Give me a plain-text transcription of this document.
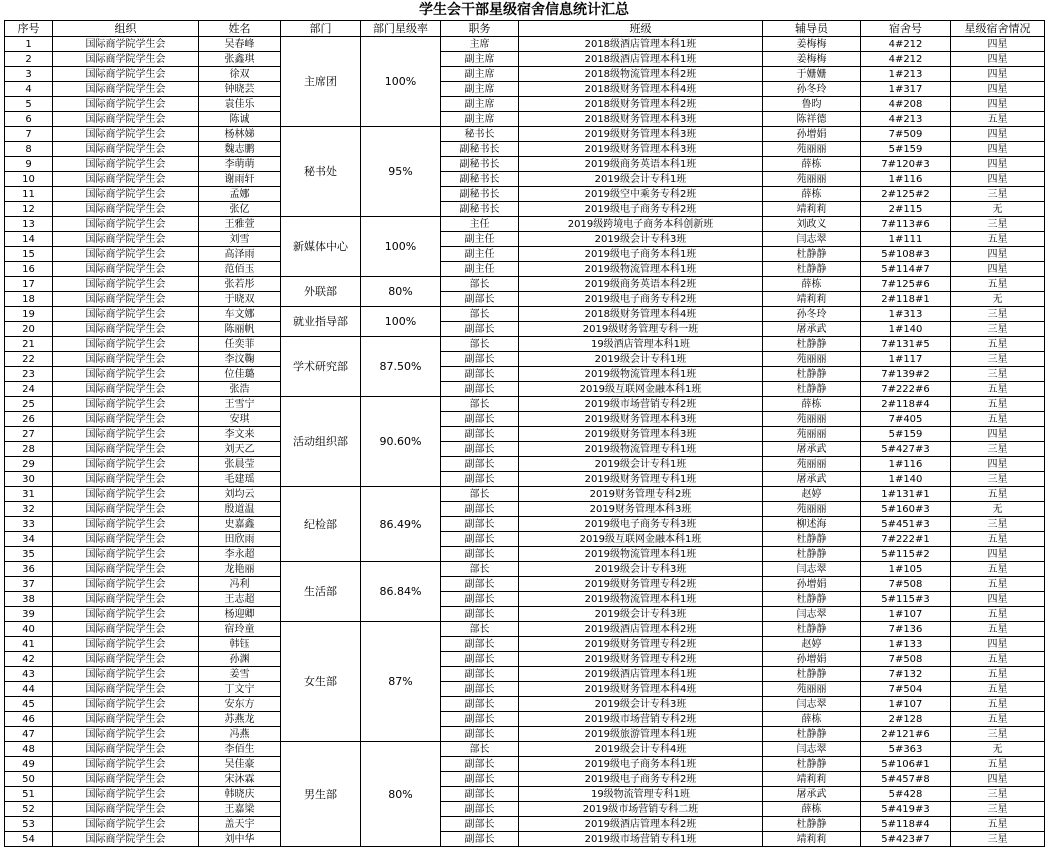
学生会干部星级宿舍信息统计汇总
序号	组织	姓名	部门	部门星级率	职务	班级	辅导员	宿舍号	星级宿舍情况
1	国际商学院学生会	吴春峰	主席团	100%	主席	2018级酒店管理本科1班	姜梅梅	4#212	四星
2	国际商学院学生会	张鑫琪			副主席	2018级酒店管理本科1班	姜梅梅	4#212	四星
3	国际商学院学生会	徐双			副主席	2018级物流管理本科2班	于姗姗	1#213	四星
4	国际商学院学生会	钟晓芸			副主席	2018级财务管理本科4班	孙冬玲	1#317	四星
5	国际商学院学生会	袁佳乐			副主席	2018级财务管理本科2班	鲁昀	4#208	四星
6	国际商学院学生会	陈诚			副主席	2018级财务管理本科3班	陈祥德	4#213	五星
7	国际商学院学生会	杨林娣	秘书处	95%	秘书长	2019级财务管理本科3班	孙增娟	7#509	四星
8	国际商学院学生会	魏志鹏			副秘书长	2019级财务管理本科3班	苑丽丽	5#159	四星
9	国际商学院学生会	李萌萌			副秘书长	2019级商务英语本科1班	薛栋	7#120#3	四星
10	国际商学院学生会	谢雨轩			副秘书长	2019级会计专科1班	苑丽丽	1#116	四星
11	国际商学院学生会	孟娜			副秘书长	2019级空中乘务专科2班	薛栋	2#125#2	三星
12	国际商学院学生会	张亿			副秘书长	2019级电子商务专科2班	靖莉莉	2#115	无
13	国际商学院学生会	王雅萱	新媒体中心	100%	主任	2019级跨境电子商务本科创新班	刘政义	7#113#6	三星
14	国际商学院学生会	刘雪			副主任	2019级会计专科3班	闫志翠	1#111	五星
15	国际商学院学生会	高泽雨			副主任	2019级电子商务本科1班	杜静静	5#108#3	四星
16	国际商学院学生会	范佰玉			副主任	2019级物流管理本科1班	杜静静	5#114#7	四星
17	国际商学院学生会	张若彤	外联部	80%	部长	2019级商务英语本科2班	薛栋	7#125#6	五星
18	国际商学院学生会	于晓双			副部长	2019级电子商务专科2班	靖莉莉	2#118#1	无
19	国际商学院学生会	车文娜	就业指导部	100%	部长	2018级财务管理本科4班	孙冬玲	1#313	三星
20	国际商学院学生会	陈丽帆			副部长	2019级财务管理专科一班	屠承武	1#140	三星
21	国际商学院学生会	任奕菲	学术研究部	87.50%	部长	19级酒店管理本科1班	杜静静	7#131#5	五星
22	国际商学院学生会	李汶鞠			副部长	2019级会计专科1班	苑丽丽	1#117	三星
23	国际商学院学生会	位佳璐			副部长	2019级物流管理本科1班	杜静静	7#139#2	三星
24	国际商学院学生会	张浩			副部长	2019级互联网金融本科1班	杜静静	7#222#6	五星
25	国际商学院学生会	王雪宁	活动组织部	90.60%	部长	2019级市场营销专科2班	薛栋	2#118#4	五星
26	国际商学院学生会	安琪			副部长	2019级财务管理本科3班	苑丽丽	7#405	五星
27	国际商学院学生会	李文来			副部长	2019级财务管理本科3班	苑丽丽	5#159	四星
28	国际商学院学生会	刘天乙			副部长	2019级物流管理专科1班	屠承武	5#427#3	三星
29	国际商学院学生会	张晨莹			副部长	2019级会计专科1班	苑丽丽	1#116	四星
30	国际商学院学生会	毛建瑶			副部长	2019级财务管理专科1班	屠承武	1#140	三星
31	国际商学院学生会	刘均云	纪检部	86.49%	部长	2019财务管理专科2班	赵婷	1#131#1	五星
32	国际商学院学生会	殷道温			副部长	2019财务管理本科3班	苑丽丽	5#160#3	无
33	国际商学院学生会	史嘉鑫			副部长	2019级电子商务专科3班	柳述海	5#451#3	三星
34	国际商学院学生会	田欣雨			副部长	2019级互联网金融本科1班	杜静静	7#222#1	五星
35	国际商学院学生会	李永超			副部长	2019级物流管理本科1班	杜静静	5#115#2	四星
36	国际商学院学生会	龙艳丽	生活部	86.84%	部长	2019级会计专科3班	闫志翠	1#105	五星
37	国际商学院学生会	冯利			副部长	2019级财务管理专科2班	孙增娟	7#508	五星
38	国际商学院学生会	王志超			副部长	2019级物流管理本科1班	杜静静	5#115#3	四星
39	国际商学院学生会	杨迎卿			副部长	2019级会计专科3班	闫志翠	1#107	五星
40	国际商学院学生会	宿玲童	女生部	87%	部长	2019级酒店管理本科2班	杜静静	7#136	五星
41	国际商学院学生会	韩钰			副部长	2019级财务管理专科2班	赵婷	1#133	四星
42	国际商学院学生会	孙渊			副部长	2019级财务管理专科2班	孙增娟	7#508	五星
43	国际商学院学生会	姜雪			副部长	2019级酒店管理本科1班	杜静静	7#132	五星
44	国际商学院学生会	丁文宁			副部长	2019级财务管理本科4班	苑丽丽	7#504	五星
45	国际商学院学生会	安东方			副部长	2019级会计专科3班	闫志翠	1#107	五星
46	国际商学院学生会	苏燕龙			副部长	2019级市场营销专科2班	薛栋	2#128	五星
47	国际商学院学生会	冯燕			副部长	2019级旅游管理本科1班	杜静静	2#121#6	三星
48	国际商学院学生会	李佰生	男生部	80%	部长	2019级会计专科4班	闫志翠	5#363	无
49	国际商学院学生会	吴佳豪			副部长	2019级电子商务本科1班	杜静静	5#106#1	五星
50	国际商学院学生会	宋沐霖			副部长	2019级电子商务专科2班	靖莉莉	5#457#8	四星
51	国际商学院学生会	韩晓庆			副部长	19级物流管理专科1班	屠承武	5#428	三星
52	国际商学院学生会	王嘉梁			副部长	2019级市场营销专科二班	薛栋	5#419#3	三星
53	国际商学院学生会	盖天宇			副部长	2019级酒店管理本科2班	杜静静	5#118#4	五星
54	国际商学院学生会	刘中华			副部长	2019级市场营销专科1班	靖莉莉	5#423#7	三星
